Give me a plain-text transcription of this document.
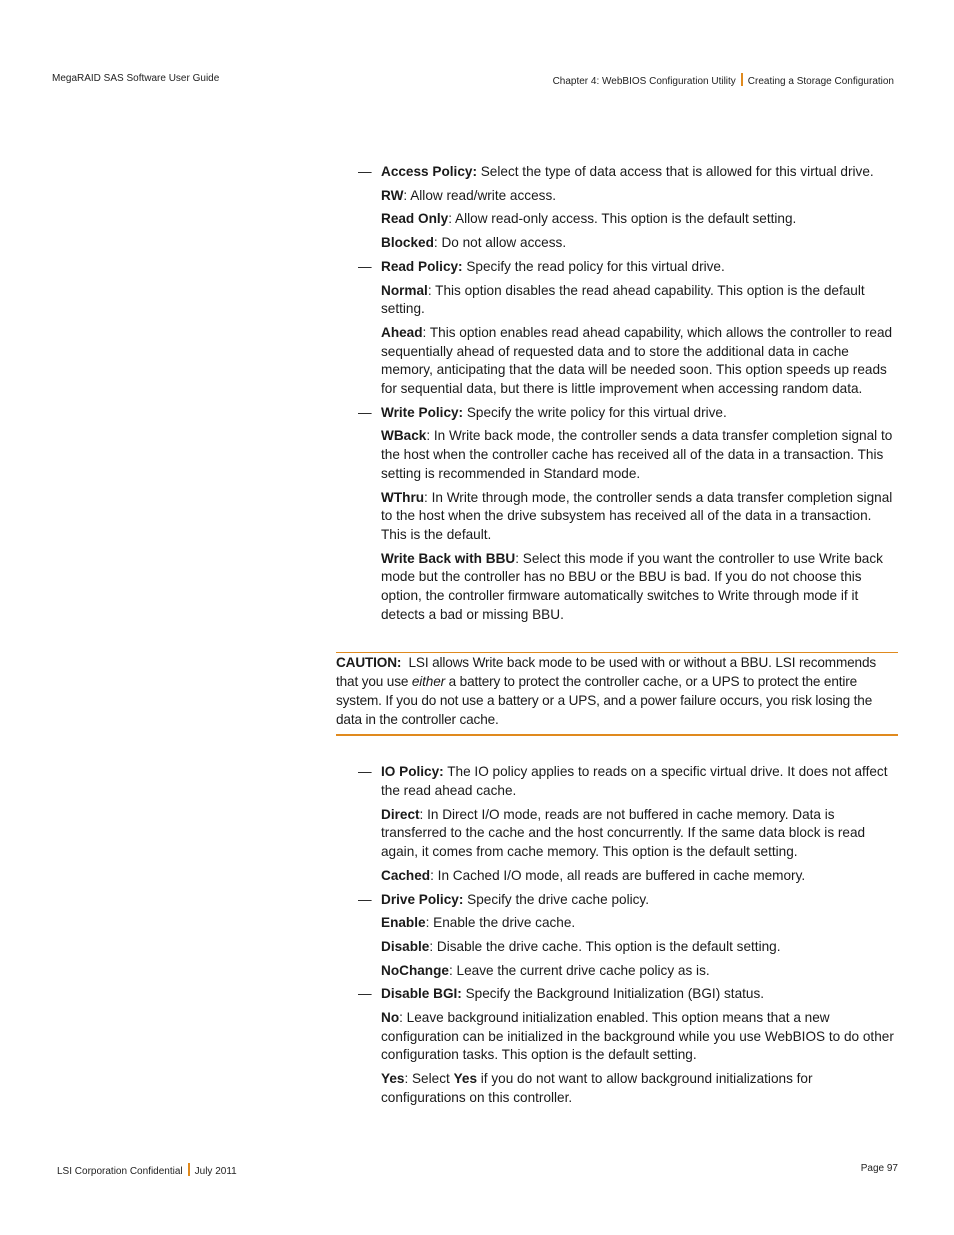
MegaRAID SAS Software User Guide	Chapter 4: WebBIOS Configuration Utility Creating a Storage Configuration
— Access Policy: Select the type of data access that is allowed for this virtual drive.
RW: Allow read/write access.
Read Only: Allow read-only access. This option is the default setting.
Blocked: Do not allow access.
— Read Policy: Specify the read policy for this virtual drive.
Normal: This option disables the read ahead capability. This option is the default setting.
Ahead: This option enables read ahead capability, which allows the controller to read sequentially ahead of requested data and to store the additional data in cache memory, anticipating that the data will be needed soon. This option speeds up reads for sequential data, but there is little improvement when accessing random data.
— Write Policy: Specify the write policy for this virtual drive.
WBack: In Write back mode, the controller sends a data transfer completion signal to the host when the controller cache has received all of the data in a transaction. This setting is recommended in Standard mode.
WThru: In Write through mode, the controller sends a data transfer completion signal to the host when the drive subsystem has received all of the data in a transaction. This is the default.
Write Back with BBU: Select this mode if you want the controller to use Write back mode but the controller has no BBU or the BBU is bad. If you do not choose this option, the controller firmware automatically switches to Write through mode if it detects a bad or missing BBU.
CAUTION:  LSI allows Write back mode to be used with or without a BBU. LSI recommends that you use either a battery to protect the controller cache, or a UPS to protect the entire system. If you do not use a battery or a UPS, and a power failure occurs, you risk losing the data in the controller cache.
— IO Policy: The IO policy applies to reads on a specific virtual drive. It does not affect the read ahead cache.
Direct: In Direct I/O mode, reads are not buffered in cache memory. Data is transferred to the cache and the host concurrently. If the same data block is read again, it comes from cache memory. This option is the default setting.
Cached: In Cached I/O mode, all reads are buffered in cache memory.
— Drive Policy: Specify the drive cache policy.
Enable: Enable the drive cache.
Disable: Disable the drive cache. This option is the default setting.
NoChange: Leave the current drive cache policy as is.
— Disable BGI: Specify the Background Initialization (BGI) status.
No: Leave background initialization enabled. This option means that a new configuration can be initialized in the background while you use WebBIOS to do other configuration tasks. This option is the default setting.
Yes: Select Yes if you do not want to allow background initializations for configurations on this controller.
LSI Corporation Confidential July 2011	Page 97
